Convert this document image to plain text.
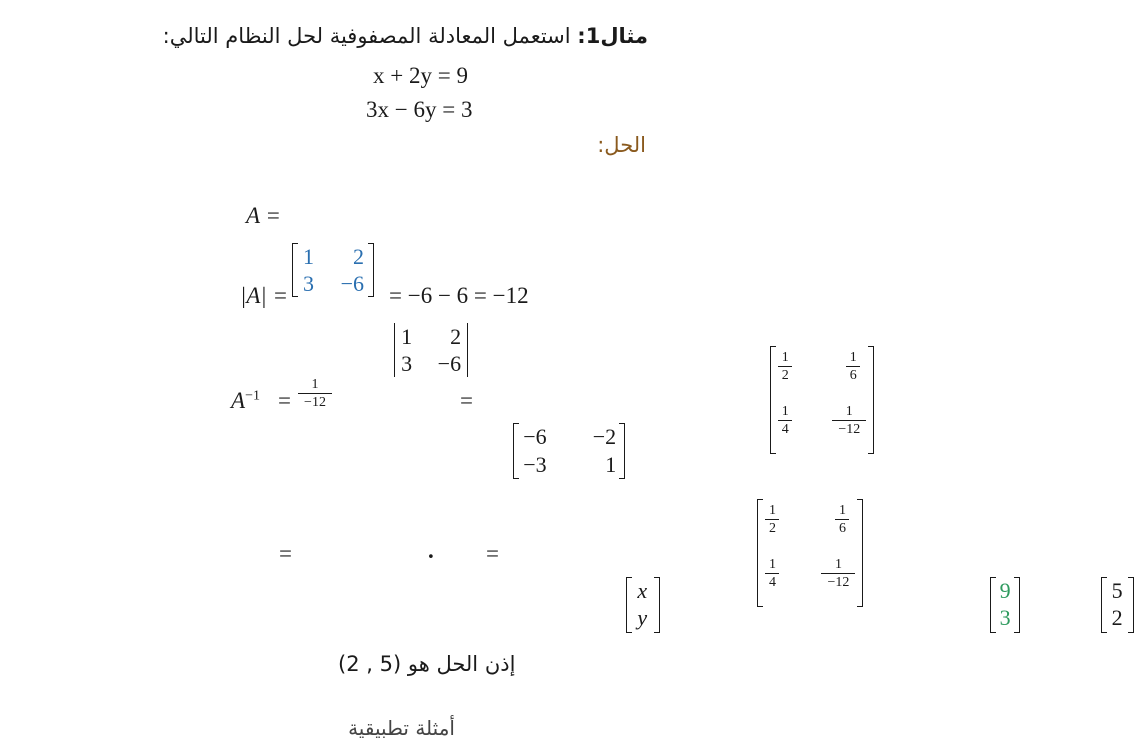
مثال1: استعمل المعادلة المصفوفية لحل النظام التالي:
x + 2y = 9
3x − 6y = 3
الحل:
A =
1 2
3 −6

|A| =
1 2
3 −6

= −6 − 6 = −12
$A^{-1} = \frac{1}{-12}$
−6 −2
−3	1

=
$\frac{1}{2}$	$\frac{1}{6}$
$\frac{1}{4}$	$\frac{1}{-12}$

x
y

=
$\frac{1}{2}$	$\frac{1}{6}$
$\frac{1}{4}$	$\frac{1}{-12}$

.
9
3

=
5
2
إذن الحل هو (5 , 2)
أمثلة تطبيقية
